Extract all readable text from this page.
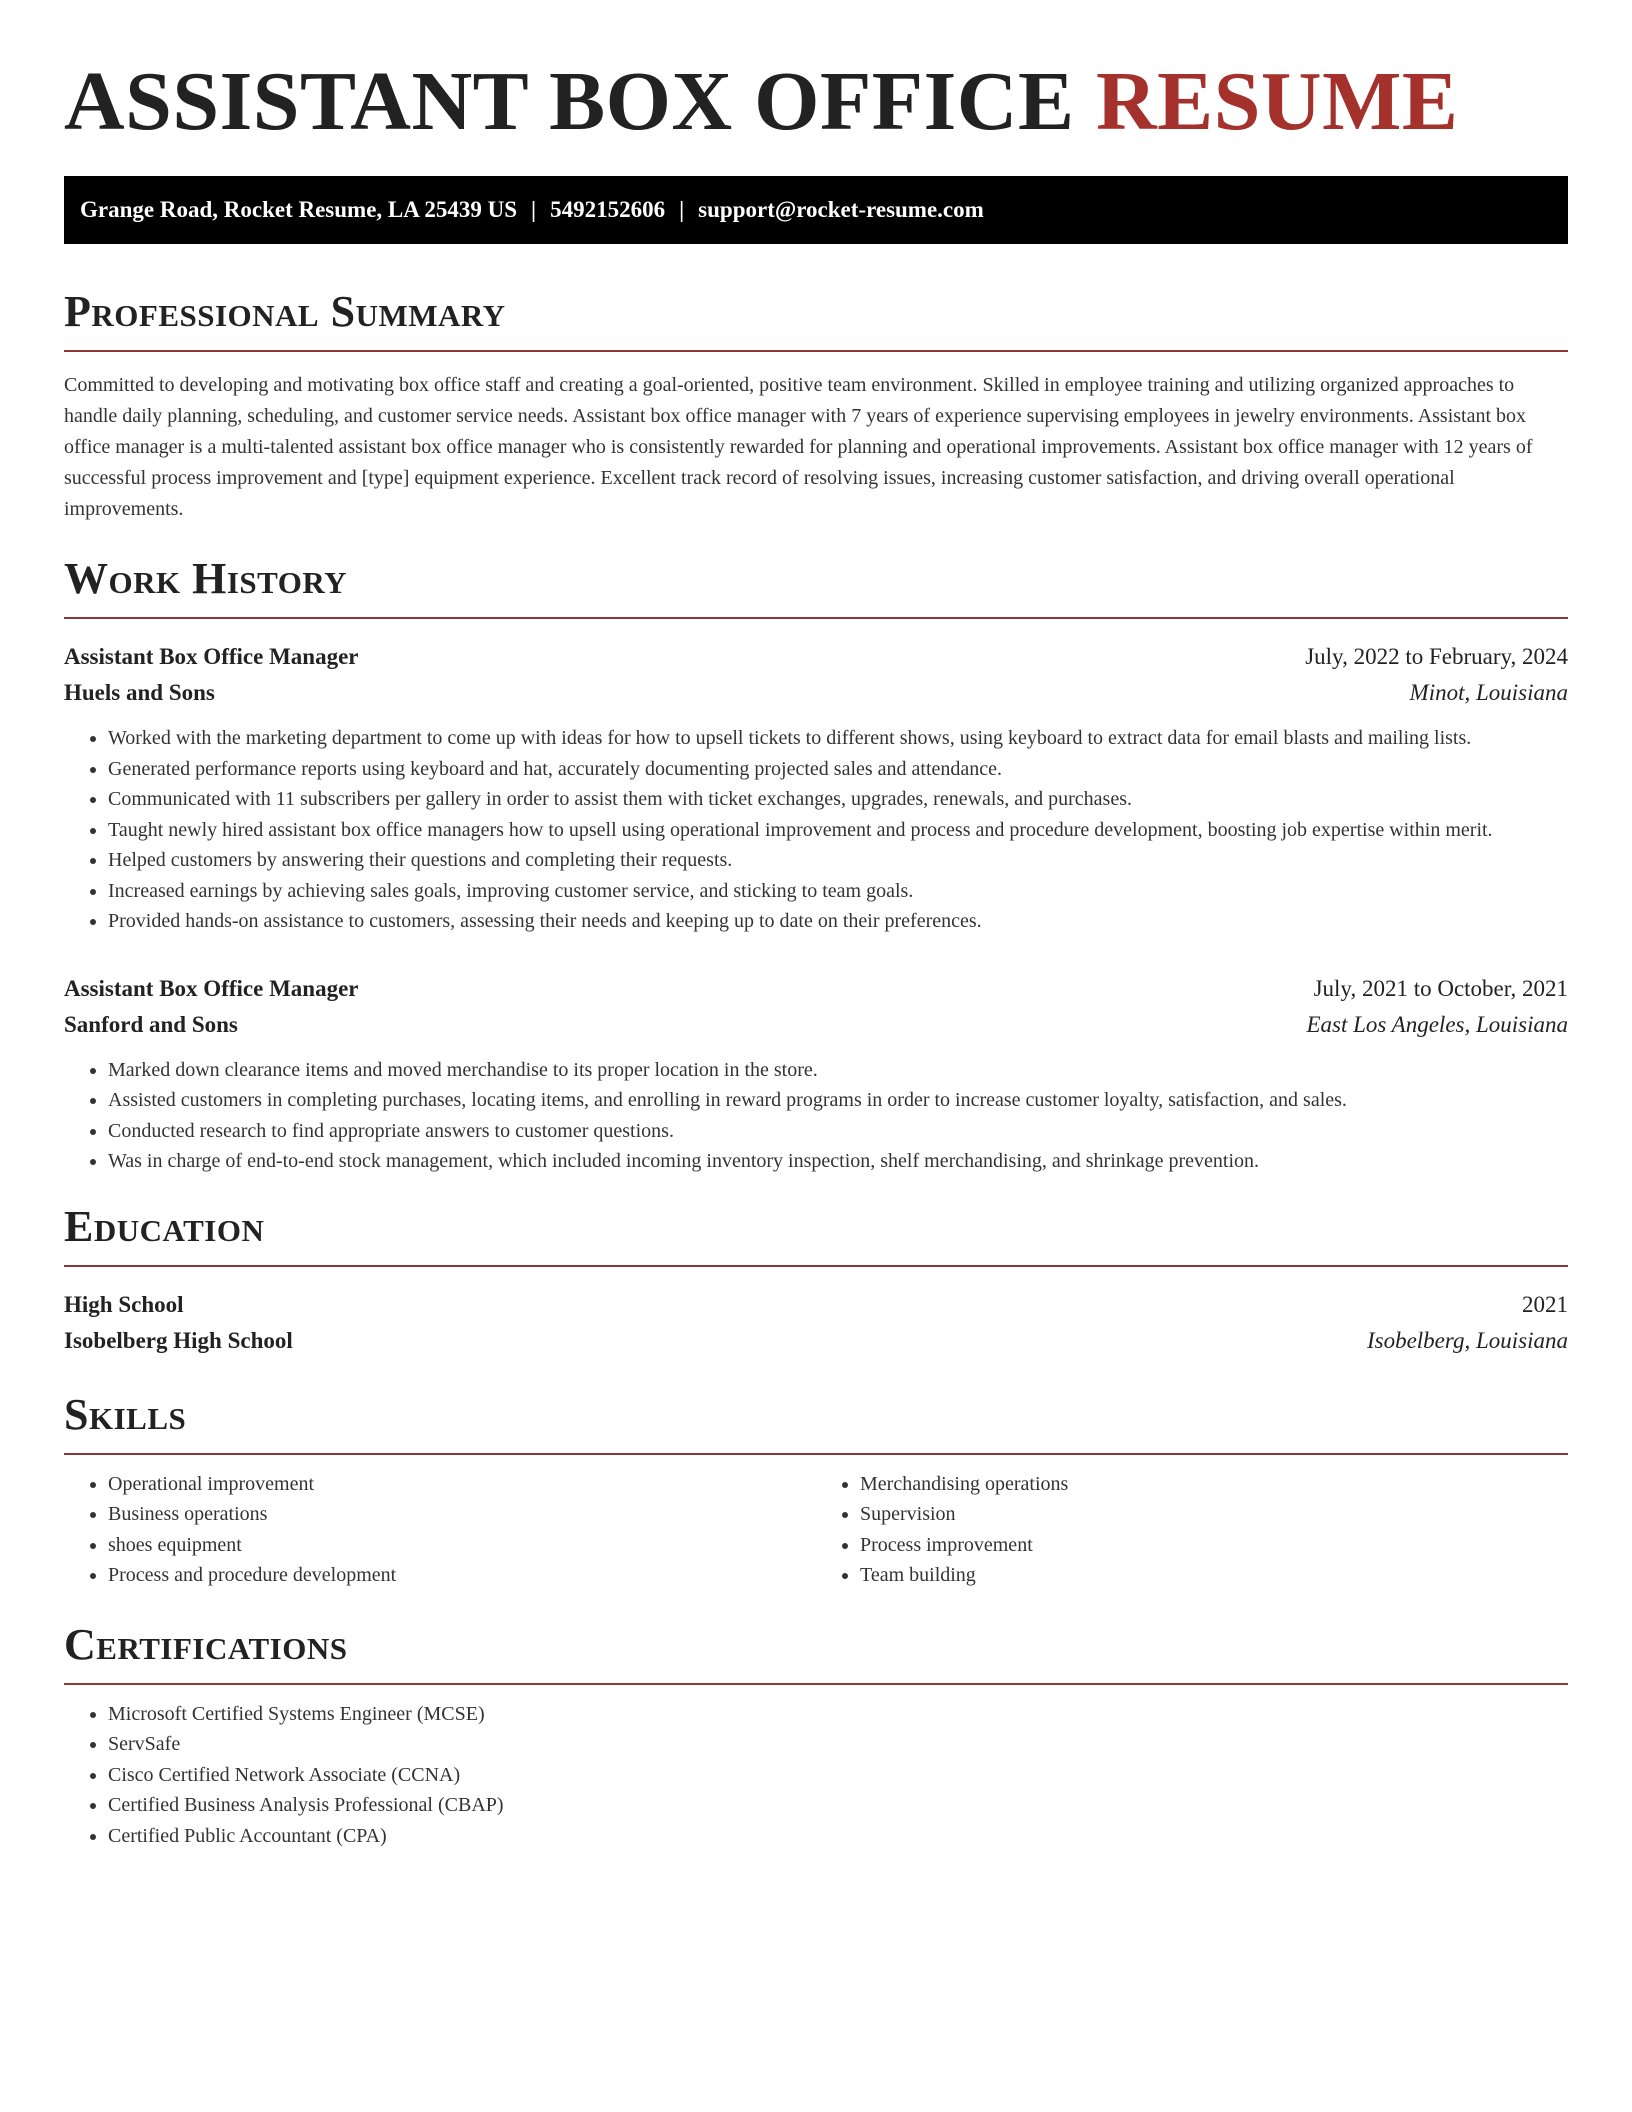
ASSISTANT BOX OFFICE RESUME
Grange Road, Rocket Resume, LA 25439 US | 5492152606 | support@rocket-resume.com
Professional Summary

Committed to developing and motivating box office staff and creating a goal-oriented, positive team environment. Skilled in employee training and utilizing organized approaches to handle daily planning, scheduling, and customer service needs. Assistant box office manager with 7 years of experience supervising employees in jewelry environments. Assistant box office manager is a multi-talented assistant box office manager who is consistently rewarded for planning and operational improvements. Assistant box office manager with 12 years of successful process improvement and [type] equipment experience. Excellent track record of resolving issues, increasing customer satisfaction, and driving overall operational improvements.

Work History
Assistant Box Office Manager	July, 2022 to February, 2024
Huels and Sons	Minot, Louisiana
• Worked with the marketing department to come up with ideas for how to upsell tickets to different shows, using keyboard to extract data for email blasts and mailing lists.
• Generated performance reports using keyboard and hat, accurately documenting projected sales and attendance.
• Communicated with 11 subscribers per gallery in order to assist them with ticket exchanges, upgrades, renewals, and purchases.
• Taught newly hired assistant box office managers how to upsell using operational improvement and process and procedure development, boosting job expertise within merit.
• Helped customers by answering their questions and completing their requests.
• Increased earnings by achieving sales goals, improving customer service, and sticking to team goals.
• Provided hands-on assistance to customers, assessing their needs and keeping up to date on their preferences.
Assistant Box Office Manager	July, 2021 to October, 2021
Sanford and Sons	East Los Angeles, Louisiana
• Marked down clearance items and moved merchandise to its proper location in the store.
• Assisted customers in completing purchases, locating items, and enrolling in reward programs in order to increase customer loyalty, satisfaction, and sales.
• Conducted research to find appropriate answers to customer questions.
• Was in charge of end-to-end stock management, which included incoming inventory inspection, shelf merchandising, and shrinkage prevention.
Education
High School	2021
Isobelberg High School	Isobelberg, Louisiana
Skills
• Operational improvement
• Business operations
• shoes equipment
• Process and procedure development
• Merchandising operations
• Supervision
• Process improvement
• Team building
Certifications
• Microsoft Certified Systems Engineer (MCSE)
• ServSafe
• Cisco Certified Network Associate (CCNA)
• Certified Business Analysis Professional (CBAP)
• Certified Public Accountant (CPA)
